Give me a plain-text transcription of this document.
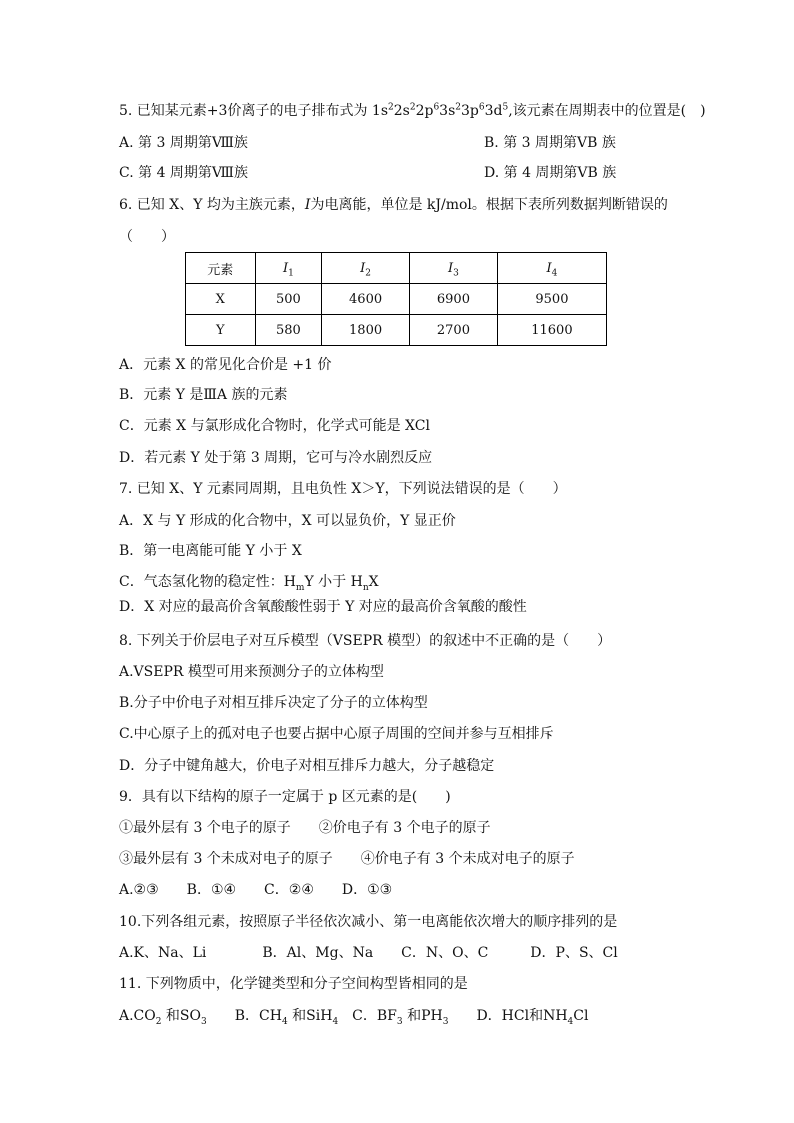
5. 已知某元素+3价离子的电子排布式为 $1s^22s^22p^63s^23p^63d^5$,该元素在周期表中的位置是(　)
A. 第 3 周期第Ⅷ族	B. 第 3 周期第ⅤB 族
C. 第 4 周期第Ⅷ族	D. 第 4 周期第ⅤB 族
6. 已知 X、Y 均为主族元素，I为电离能，单位是 kJ/mol。根据下表所列数据判断错误的
（　　）
元素	$I_1$	$I_2$	$I_3$	$I_4$
X	500	4600	6900	9500
Y	580	1800	2700	11600
A．元素 X 的常见化合价是 +1 价
B．元素 Y 是ⅢA 族的元素
C．元素 X 与氯形成化合物时，化学式可能是 XCl
D．若元素 Y 处于第 3 周期，它可与冷水剧烈反应
7. 已知 X、Y 元素同周期，且电负性 X＞Y，下列说法错误的是（　　）
A．X 与 Y 形成的化合物中，X 可以显负价，Y 显正价
B．第一电离能可能 Y 小于 X
C．气态氢化物的稳定性：$H_mY$ 小于 $H_nX$
D．X 对应的最高价含氧酸酸性弱于 Y 对应的最高价含氧酸的酸性
8. 下列关于价层电子对互斥模型（VSEPR 模型）的叙述中不正确的是（　　）
A.VSEPR 模型可用来预测分子的立体构型
B.分子中价电子对相互排斥决定了分子的立体构型
C.中心原子上的孤对电子也要占据中心原子周围的空间并参与互相排斥
D．分子中键角越大，价电子对相互排斥力越大，分子越稳定
9．具有以下结构的原子一定属于 p 区元素的是(　　)
①最外层有 3 个电子的原子　　②价电子有 3 个电子的原子
③最外层有 3 个未成对电子的原子　　④价电子有 3 个未成对电子的原子
A.②③　　B．①④　　C．②④　　D．①③
10.下列各组元素，按照原子半径依次减小、第一电离能依次增大的顺序排列的是
A.K、Na、Li　　　　B．Al、Mg、Na　　C．N、O、C　　　D．P、S、Cl
11. 下列物质中，化学键类型和分子空间构型皆相同的是
$A.CO_2$ 和$SO_3$　　 B．$CH_4$ 和SiH$_4$　 C．$BF_3$ 和$PH_3$　　 D．HCl和$NH_4Cl$
